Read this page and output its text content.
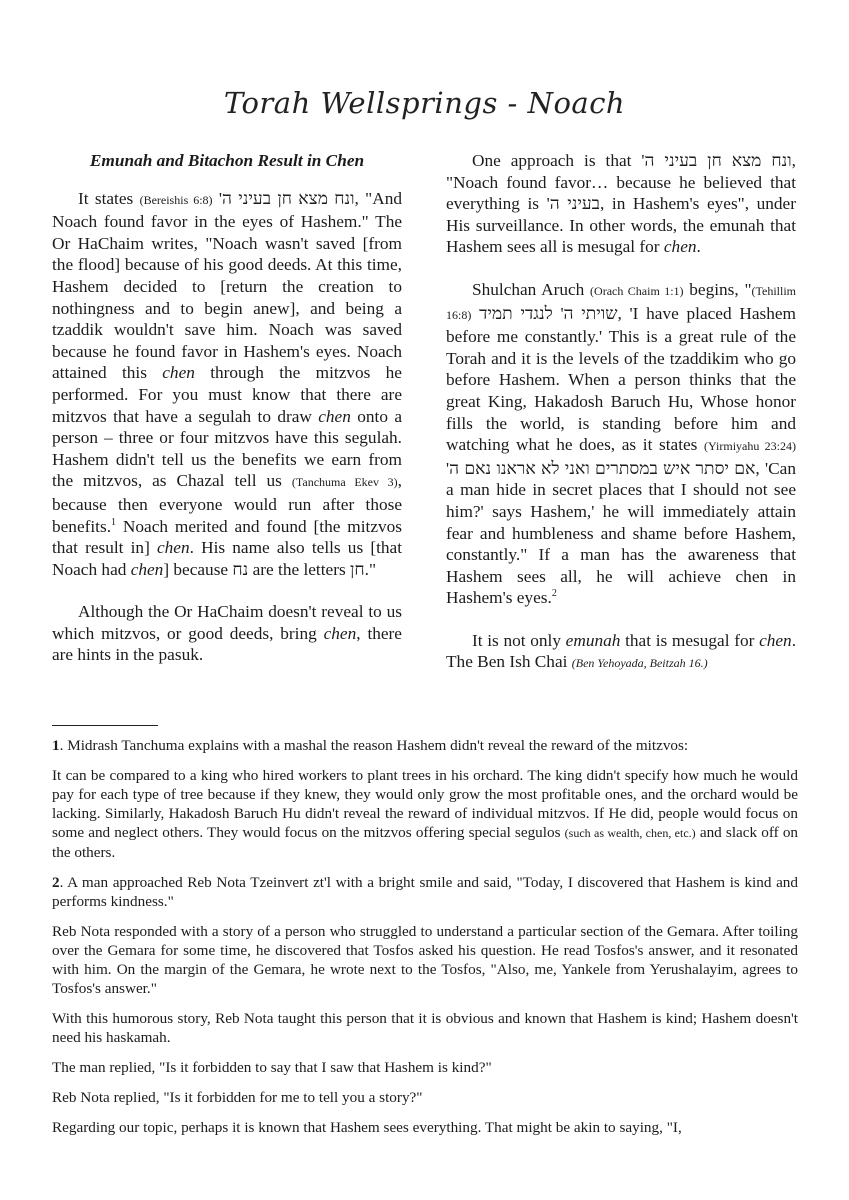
Torah Wellsprings - Noach
Emunah and Bitachon Result in Chen

It states (Bereishis 6:8) ונח מצא חן בעיני ה', "And Noach found favor in the eyes of Hashem." The Or HaChaim writes, "Noach wasn't saved [from the flood] because of his good deeds. At this time, Hashem decided to [return the creation to nothingness and to begin anew], and being a tzaddik wouldn't save him. Noach was saved because he found favor in Hashem's eyes. Noach attained this chen through the mitzvos he performed. For you must know that there are mitzvos that have a segulah to draw chen onto a person – three or four mitzvos have this segulah. Hashem didn't tell us the benefits we earn from the mitzvos, as Chazal tell us (Tanchuma Ekev 3), because then everyone would run after those benefits.$^1$ Noach merited and found [the mitzvos that result in] chen. His name also tells us [that Noach had chen] because נח are the letters חן."

Although the Or HaChaim doesn't reveal to us which mitzvos, or good deeds, bring chen, there are hints in the pasuk.

One approach is that ונח מצא חן בעיני ה', "Noach found favor… because he believed that everything is בעיני ה', in Hashem's eyes", under His surveillance. In other words, the emunah that Hashem sees all is mesugal for chen.

Shulchan Aruch (Orach Chaim 1:1) begins, "(Tehillim 16:8) שויתי ה' לנגדי תמיד, 'I have placed Hashem before me constantly.' This is a great rule of the Torah and it is the levels of the tzaddikim who go before Hashem. When a person thinks that the great King, Hakadosh Baruch Hu, Whose honor fills the world, is standing before him and watching what he does, as it states (Yirmiyahu 23:24) אם יסתר איש במסתרים ואני לא אראנו נאם ה', 'Can a man hide in secret places that I should not see him?' says Hashem,' he will immediately attain fear and humbleness and shame before Hashem, constantly." If a man has the awareness that Hashem sees all, he will achieve chen in Hashem's eyes.$^2$

It is not only emunah that is mesugal for chen. The Ben Ish Chai (Ben Yehoyada, Beitzah 16.)

1. Midrash Tanchuma explains with a mashal the reason Hashem didn't reveal the reward of the mitzvos:

It can be compared to a king who hired workers to plant trees in his orchard. The king didn't specify how much he would pay for each type of tree because if they knew, they would only grow the most profitable ones, and the orchard would be lacking. Similarly, Hakadosh Baruch Hu didn't reveal the reward of individual mitzvos. If He did, people would focus on some and neglect others. They would focus on the mitzvos offering special segulos (such as wealth, chen, etc.) and slack off on the others.

2. A man approached Reb Nota Tzeinvert zt'l with a bright smile and said, "Today, I discovered that Hashem is kind and performs kindness."

Reb Nota responded with a story of a person who struggled to understand a particular section of the Gemara. After toiling over the Gemara for some time, he discovered that Tosfos asked his question. He read Tosfos's answer, and it resonated with him. On the margin of the Gemara, he wrote next to the Tosfos, "Also, me, Yankele from Yerushalayim, agrees to Tosfos's answer."

With this humorous story, Reb Nota taught this person that it is obvious and known that Hashem is kind; Hashem doesn't need his haskamah.

The man replied, "Is it forbidden to say that I saw that Hashem is kind?"

Reb Nota replied, "Is it forbidden for me to tell you a story?"

Regarding our topic, perhaps it is known that Hashem sees everything. That might be akin to saying, "I,
